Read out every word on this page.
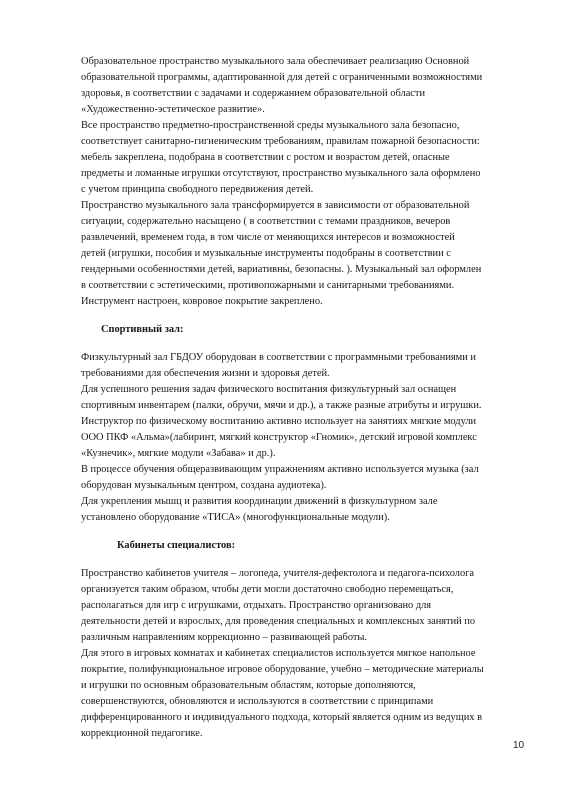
Образовательное пространство музыкального зала обеспечивает реализацию Основной
образовательной программы, адаптированной для детей с ограниченными возможностями
здоровья, в соответствии с задачами и содержанием образовательной области
«Художественно-эстетическое развитие».
Все пространство предметно-пространственной среды музыкального зала безопасно,
соответствует санитарно-гигиеническим требованиям, правилам пожарной безопасности:
мебель закреплена, подобрана в соответствии с ростом и возрастом детей, опасные
предметы и ломанные игрушки отсутствуют, пространство музыкального зала оформлено
с учетом принципа свободного передвижения детей.
Пространство музыкального зала трансформируется в зависимости от образовательной
ситуации, содержательно насыщено ( в соответствии с темами праздников, вечеров
развлечений, временем года, в том числе от меняющихся интересов и возможностей
детей (игрушки, пособия и музыкальные инструменты подобраны в соответствии с
гендерными особенностями детей, вариативны, безопасны. ). Музыкальный зал оформлен
в соответствии с эстетическими, противопожарными и санитарными требованиями.
Инструмент настроен, ковровое покрытие закреплено.
Спортивный зал:
Физкультурный зал ГБДОУ оборудован в соответствии с программными требованиями и
требованиями для обеспечения жизни и здоровья детей.
Для успешного решения задач физического воспитания физкультурный зал оснащен
спортивным инвентарем (палки, обручи, мячи и др.), а также разные атрибуты и игрушки.
Инструктор по физическому воспитанию активно использует на занятиях мягкие модули
ООО ПКФ «Альма»(лабиринт, мягкий конструктор «Гномик», детский игровой комплекс
«Кузнечик», мягкие модули «Забава» и др.).
В процессе обучения общеразвивающим упражнениям активно используется музыка (зал
оборудован музыкальным центром, создана аудиотека).
Для укрепления мышц и развития координации движений в физкультурном зале
установлено оборудование «ТИСА» (многофункциональные модули).
Кабинеты специалистов:
Пространство кабинетов учителя – логопеда, учителя-дефектолога и педагога-психолога
организуется таким образом, чтобы дети могли достаточно свободно перемещаться,
располагаться для игр с игрушками, отдыхать. Пространство организовано для
деятельности детей и взрослых, для проведения специальных и комплексных занятий по
различным направлениям коррекционно – развивающей работы.
Для этого в игровых комнатах и кабинетах специалистов используется мягкое напольное
покрытие, полифункциональное игровое оборудование, учебно – методические материалы
и игрушки по основным образовательным областям, которые дополняются,
совершенствуются, обновляются и используются в соответствии с принципами
дифференцированного и индивидуального подхода, который является одним из ведущих в
коррекционной педагогике.
10
